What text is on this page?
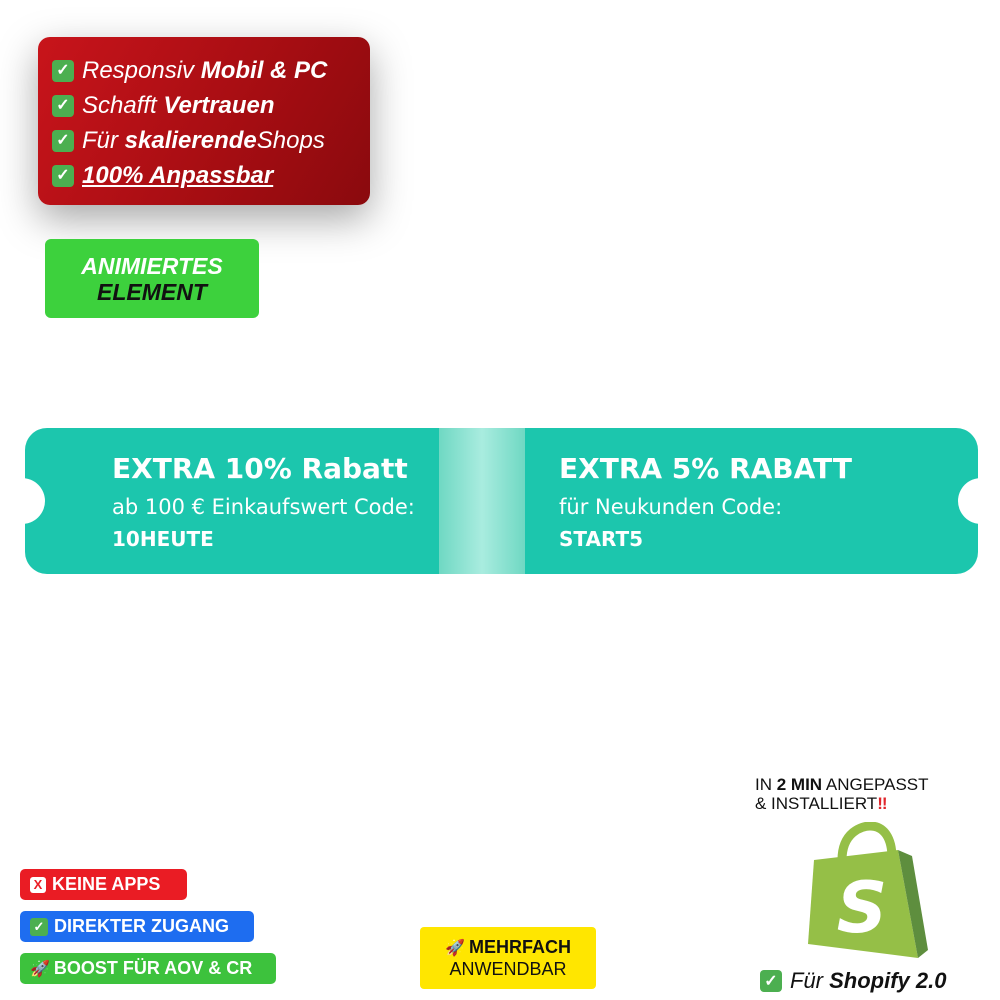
✓ Responsiv
Mobil & PC
✓ Schafft
Vertrauen
✓ Für
skalierende Shops
✓ 100% Anpassbar
ANIMIERTES
ELEMENT
EXTRA 10% Rabatt
ab 100 € Einkaufswert Code:
10HEUTE
EXTRA 5% RABATT
für Neukunden Code:
START5
IN 2 MIN ANGEPASST
& INSTALLIERT‼
S
✓ Für
Shopify 2.0
X KEINE APPS
✓ DIREKTER ZUGANG
🚀 BOOST FÜR AOV & CR
🚀 MEHRFACH
ANWENDBAR
